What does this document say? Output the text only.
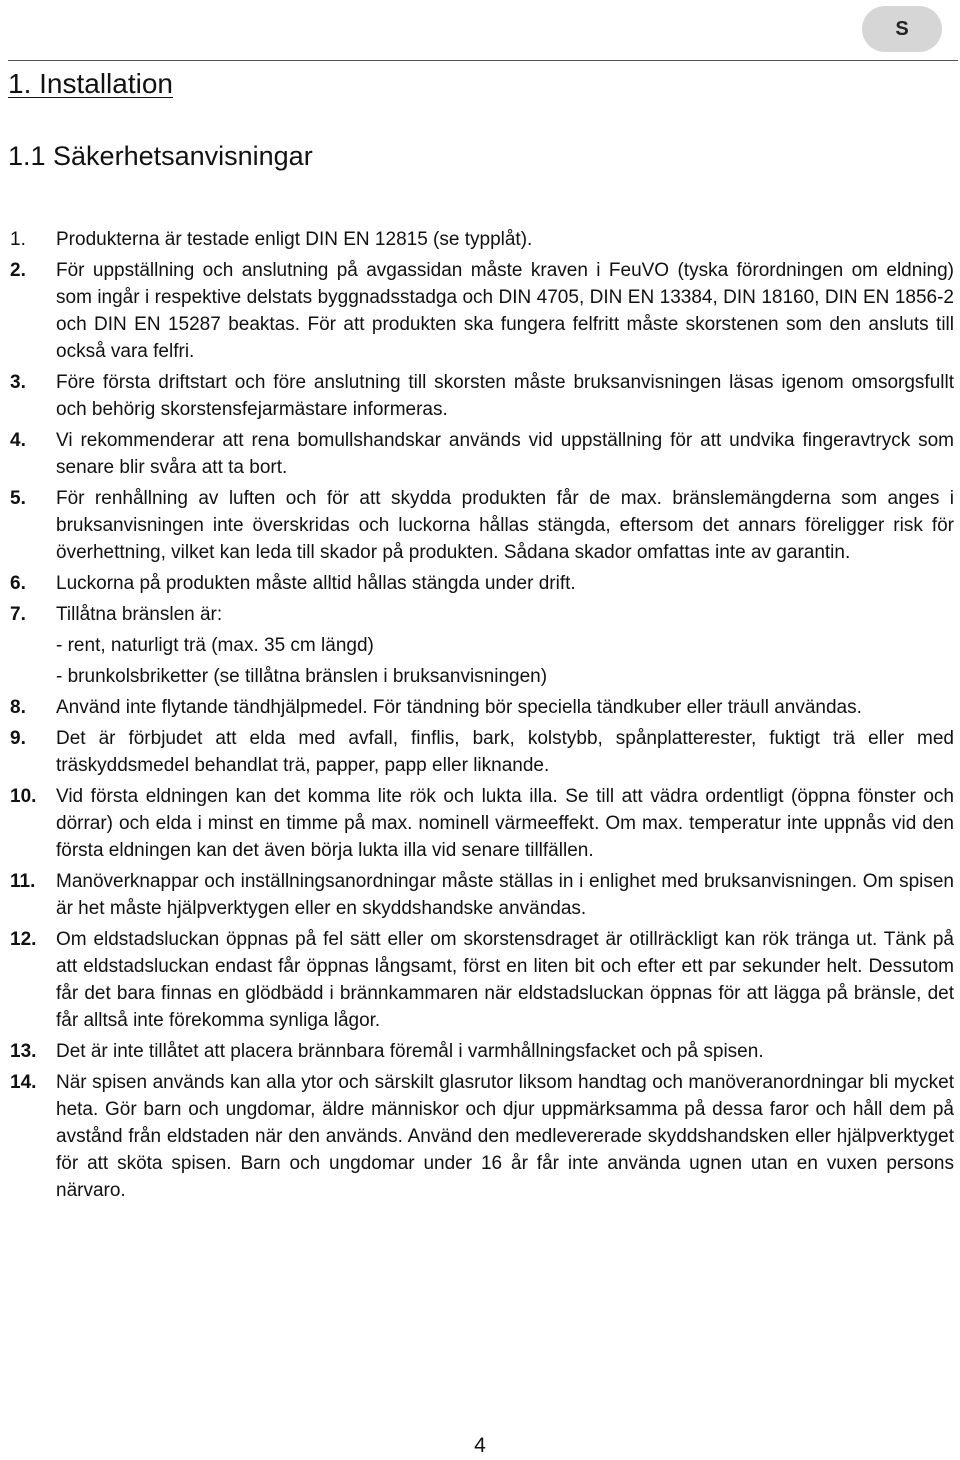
S
1. Installation
1.1 Säkerhetsanvisningar
1.	Produkterna är testade enligt DIN EN 12815 (se typplåt).
2.	För uppställning och anslutning på avgassidan måste kraven i FeuVO (tyska förordningen om eldning) som ingår i respektive delstats byggnadsstadga och DIN 4705, DIN EN 13384, DIN 18160, DIN EN 1856-2 och DIN EN 15287 beaktas. För att produkten ska fungera felfritt måste skorstenen som den ansluts till också vara felfri.
3.	Före första driftstart och före anslutning till skorsten måste bruksanvisningen läsas igenom omsorgsfullt och behörig skorstensfejarmästare informeras.
4.	Vi rekommenderar att rena bomullshandskar används vid uppställning för att undvika fingeravtryck som senare blir svåra att ta bort.
5.	För renhållning av luften och för att skydda produkten får de max. bränslemängderna som anges i bruksanvisningen inte överskridas och luckorna hållas stängda, eftersom det annars föreligger risk för överhettning, vilket kan leda till skador på produkten. Sådana skador omfattas inte av garantin.
6.	Luckorna på produkten måste alltid hållas stängda under drift.
7.	Tillåtna bränslen är:
- rent, naturligt trä (max. 35 cm längd)
- brunkolsbriketter (se tillåtna bränslen i bruksanvisningen)
8.	Använd inte flytande tändhjälpmedel. För tändning bör speciella tändkuber eller träull användas.
9.	Det är förbjudet att elda med avfall, finflis, bark, kolstybb, spånplatterester, fuktigt trä eller med träskyddsmedel behandlat trä, papper, papp eller liknande.
10.	Vid första eldningen kan det komma lite rök och lukta illa. Se till att vädra ordentligt (öppna fönster och dörrar) och elda i minst en timme på max. nominell värmeeffekt. Om max. temperatur inte uppnås vid den första eldningen kan det även börja lukta illa vid senare tillfällen.
11.	Manöverknappar och inställningsanordningar måste ställas in i enlighet med bruksanvisningen. Om spisen är het måste hjälpverktygen eller en skyddshandske användas.
12.	Om eldstadsluckan öppnas på fel sätt eller om skorstensdraget är otillräckligt kan rök tränga ut. Tänk på att eldstadsluckan endast får öppnas långsamt, först en liten bit och efter ett par sekunder helt. Dessutom får det bara finnas en glödbädd i brännkammaren när eldstadsluckan öppnas för att lägga på bränsle, det får alltså inte förekomma synliga lågor.
13.	Det är inte tillåtet att placera brännbara föremål i varmhållningsfacket och på spisen.
14.	När spisen används kan alla ytor och särskilt glasrutor liksom handtag och manöveranordningar bli mycket heta. Gör barn och ungdomar, äldre människor och djur uppmärksamma på dessa faror och håll dem på avstånd från eldstaden när den används. Använd den medlevererade skyddshandsken eller hjälpverktyget för att sköta spisen. Barn och ungdomar under 16 år får inte använda ugnen utan en vuxen persons närvaro.
4
